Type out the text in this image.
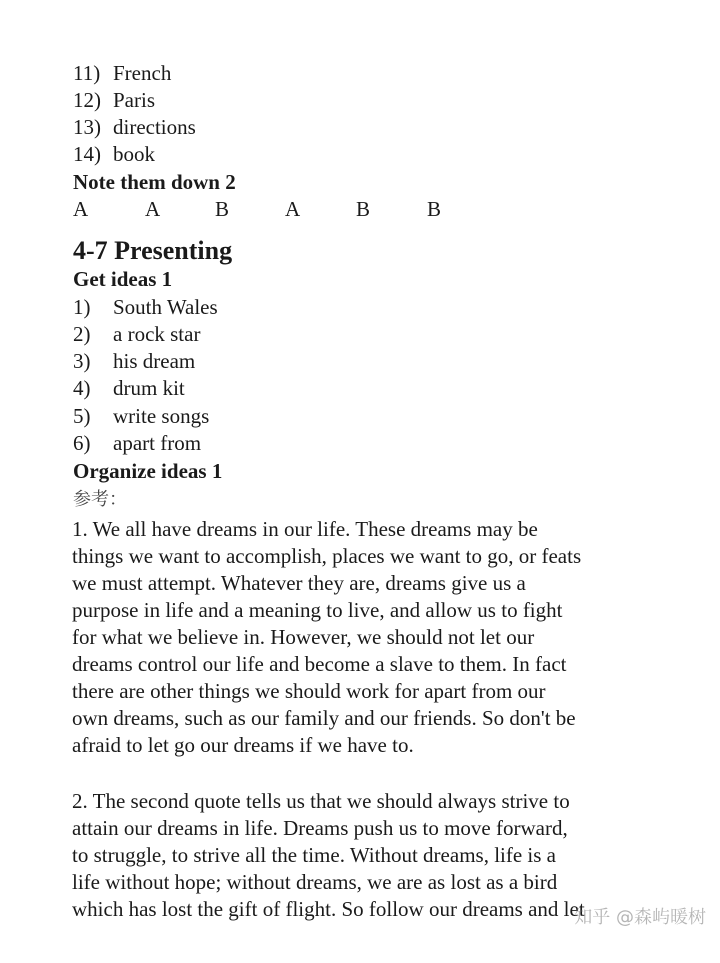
11) French
12) Paris
13) directions
14) book
Note them down 2
A	A	B	A	B	B
4-7 Presenting
Get ideas 1
1) South Wales
2) a rock star
3) his dream
4) drum kit
5) write songs
6) apart from
Organize ideas 1
参考：
1. We all have dreams in our life. These dreams may be
things we want to accomplish, places we want to go, or feats
we must attempt. Whatever they are, dreams give us a
purpose in life and a meaning to live, and allow us to fight
for what we believe in. However, we should not let our
dreams control our life and become a slave to them. In fact
there are other things we should work for apart from our
own dreams, such as our family and our friends. So don't be
afraid to let go our dreams if we have to.
2. The second quote tells us that we should always strive to
attain our dreams in life. Dreams push us to move forward,
to struggle, to strive all the time. Without dreams, life is a
life without hope; without dreams, we are as lost as a bird
which has lost the gift of flight. So follow our dreams and let
知乎 @森屿暖树
